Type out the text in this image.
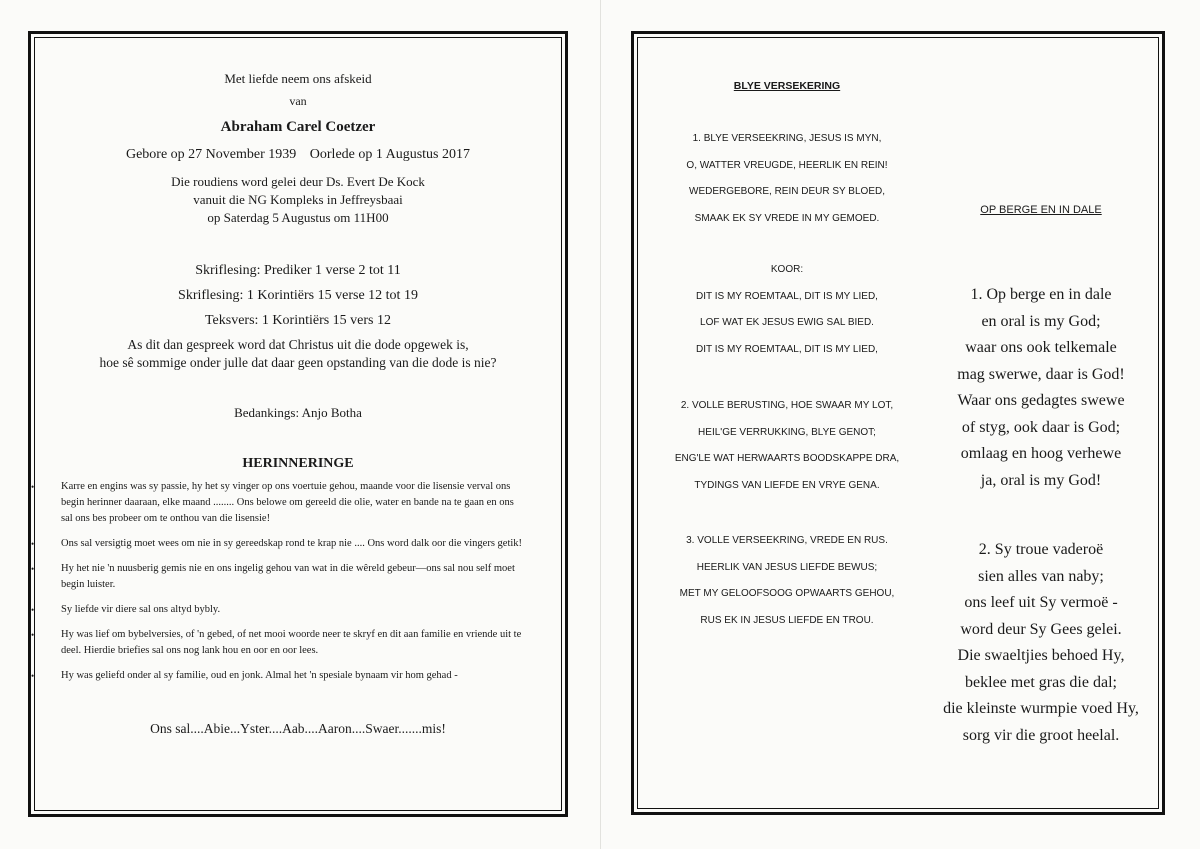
Met liefde neem ons afskeid
van
Abraham Carel Coetzer
Gebore op 27 November 1939 Oorlede op 1 Augustus 2017
Die roudiens word gelei deur Ds. Evert De Kock
vanuit die NG Kompleks in Jeffreysbaai
op Saterdag 5 Augustus om 11H00
Skriflesing: Prediker 1 verse 2 tot 11
Skriflesing: 1 Korintiërs 15 verse 12 tot 19
Teksvers: 1 Korintiërs 15 vers 12
As dit dan gespreek word dat Christus uit die dode opgewek is,
hoe sê sommige onder julle dat daar geen opstanding van die dode is nie?
Bedankings: Anjo Botha
HERINNERINGE
•	Karre en engins was sy passie, hy het sy vinger op ons voertuie gehou, maande voor die lisensie verval ons begin herinner daaraan, elke maand ........ Ons belowe om gereeld die olie, water en bande na te gaan en ons sal ons bes probeer om te onthou van die lisensie!
•	Ons sal versigtig moet wees om nie in sy gereedskap rond te krap nie .... Ons word dalk oor die vingers getik!
•	Hy het nie 'n nuusberig gemis nie en ons ingelig gehou van wat in die wêreld gebeur—ons sal nou self moet begin luister.
•	Sy liefde vir diere sal ons altyd bybly.
•	Hy was lief om bybelversies, of 'n gebed, of net mooi woorde neer te skryf en dit aan familie en vriende uit te deel. Hierdie briefies sal ons nog lank hou en oor en oor lees.
•	Hy was geliefd onder al sy familie, oud en jonk. Almal het 'n spesiale bynaam vir hom gehad -
Ons sal....Abie...Yster....Aab....Aaron....Swaer.......mis!
BLYE VERSEKERING
1. BLYE VERSEEKRING, JESUS IS MYN,
O, WATTER VREUGDE, HEERLIK EN REIN!
WEDERGEBORE, REIN DEUR SY BLOED,
SMAAK EK SY VREDE IN MY GEMOED.
KOOR:
DIT IS MY ROEMTAAL, DIT IS MY LIED,
LOF WAT EK JESUS EWIG SAL BIED.
DIT IS MY ROEMTAAL, DIT IS MY LIED,
2. VOLLE BERUSTING, HOE SWAAR MY LOT,
HEIL'GE VERRUKKING, BLYE GENOT;
ENG'LE WAT HERWAARTS BOODSKAPPE DRA,
TYDINGS VAN LIEFDE EN VRYE GENA.
3. VOLLE VERSEEKRING, VREDE EN RUS.
HEERLIK VAN JESUS LIEFDE BEWUS;
MET MY GELOOFSOOG OPWAARTS GEHOU,
RUS EK IN JESUS LIEFDE EN TROU.
OP BERGE EN IN DALE
1. Op berge en in dale
en oral is my God;
waar ons ook telkemale
mag swerwe, daar is God!
Waar ons gedagtes swewe
of styg, ook daar is God;
omlaag en hoog verhewe
ja, oral is my God!
2. Sy troue vaderoë
sien alles van naby;
ons leef uit Sy vermoë -
word deur Sy Gees gelei.
Die swaeltjies behoed Hy,
beklee met gras die dal;
die kleinste wurmpie voed Hy,
sorg vir die groot heelal.
